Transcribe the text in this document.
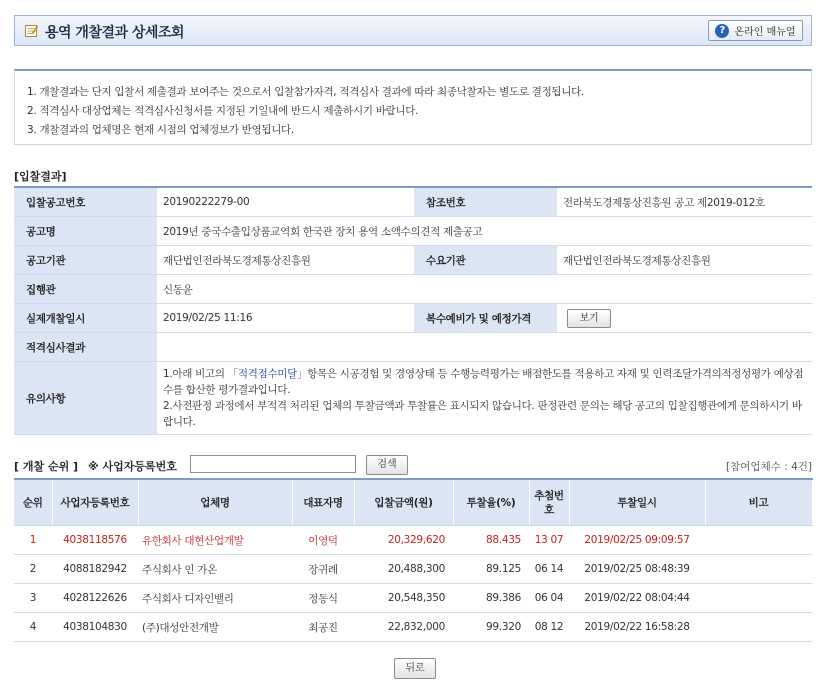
용역 개찰결과 상세조회	? 온라인 매뉴얼
1. 개찰결과는 단지 입찰서 제출결과 보여주는 것으로서 입찰참가자격, 적격심사 결과에 따라 최종낙찰자는 별도로 결정됩니다.
2. 적격심사 대상업체는 적격심사신청서를 지정된 기일내에 반드시 제출하시기 바랍니다.
3. 개찰결과의 업체명은 현재 시점의 업체정보가 반영됩니다.
[입찰결과]
입찰공고번호	20190222279-00	참조번호	전라북도경제통상진흥원 공고 제2019-012호
공고명	2019년 중국수출입상품교역회 한국관 장치 용역 소액수의견적 제출공고		
공고기관	재단법인전라북도경제통상진흥원	수요기관	재단법인전라북도경제통상진흥원
집행관	신동윤		
실제개찰일시	2019/02/25 11:16	복수예비가 및 예정가격	보기
적격심사결과			
유의사항	1.아래 비고의 「적격점수미달」항목은 시공경험 및 경영상태 등 수행능력평가는 배점한도를 적용하고 자재 및 인력조달가격의적정성평가 예상점수를 합산한 평가결과입니다.
2.사전판정 과정에서 부적격 처리된 업체의 투찰금액과 투찰률은 표시되지 않습니다. 판정관련 문의는 해당 공고의 입찰집행관에게 문의하시기 바랍니다.		
[ 개찰 순위 ] ※ 사업자등록번호	검색	[참여업체수 : 4건]
순위	사업자등록번호	업체명	대표자명	입찰금액(원)	투찰율(%)	추첨번호	투찰일시	비고
1	4038118576	유한회사 대현산업개발	이영덕	20,329,620	88.435	13 07	2019/02/25 09:09:57	
2	4088182942	주식회사 인 가온	장귀례	20,488,300	89.125	06 14	2019/02/25 08:48:39	
3	4028122626	주식회사 디자인밸리	정동식	20,548,350	89.386	06 04	2019/02/22 08:04:44	
4	4038104830	(주)대성안전개발	최공진	22,832,000	99.320	08 12	2019/02/22 16:58:28	
뒤로
